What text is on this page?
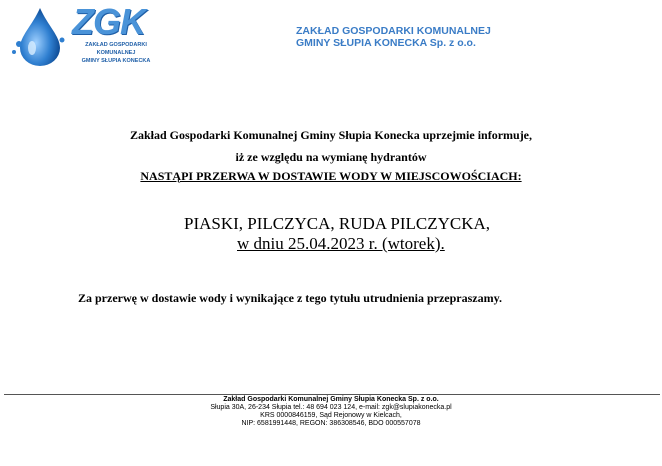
ZGK
ZAKŁAD GOSPODARKI
KOMUNALNEJ
GMINY SŁUPIA KONECKA
ZAKŁAD GOSPODARKI KOMUNALNEJ
GMINY SŁUPIA KONECKA Sp. z o.o.
Zakład Gospodarki Komunalnej Gminy Słupia Konecka uprzejmie informuje,
iż ze względu na wymianę hydrantów
NASTĄPI PRZERWA W DOSTAWIE WODY W MIEJSCOWOŚCIACH:
PIASKI, PILCZYCA, RUDA PILCZYCKA,
w dniu 25.04.2023 r. (wtorek).
Za przerwę w dostawie wody i wynikające z tego tytułu utrudnienia przepraszamy.
Zakład Gospodarki Komunalnej Gminy Słupia Konecka Sp. z o.o.
Słupia 30A, 26-234 Słupia tel.: 48 694 023 124, e-mail: zgk@slupiakonecka.pl
KRS 0000846159, Sąd Rejonowy w Kielcach,
NIP: 6581991448, REGON: 386308546, BDO 000557078
